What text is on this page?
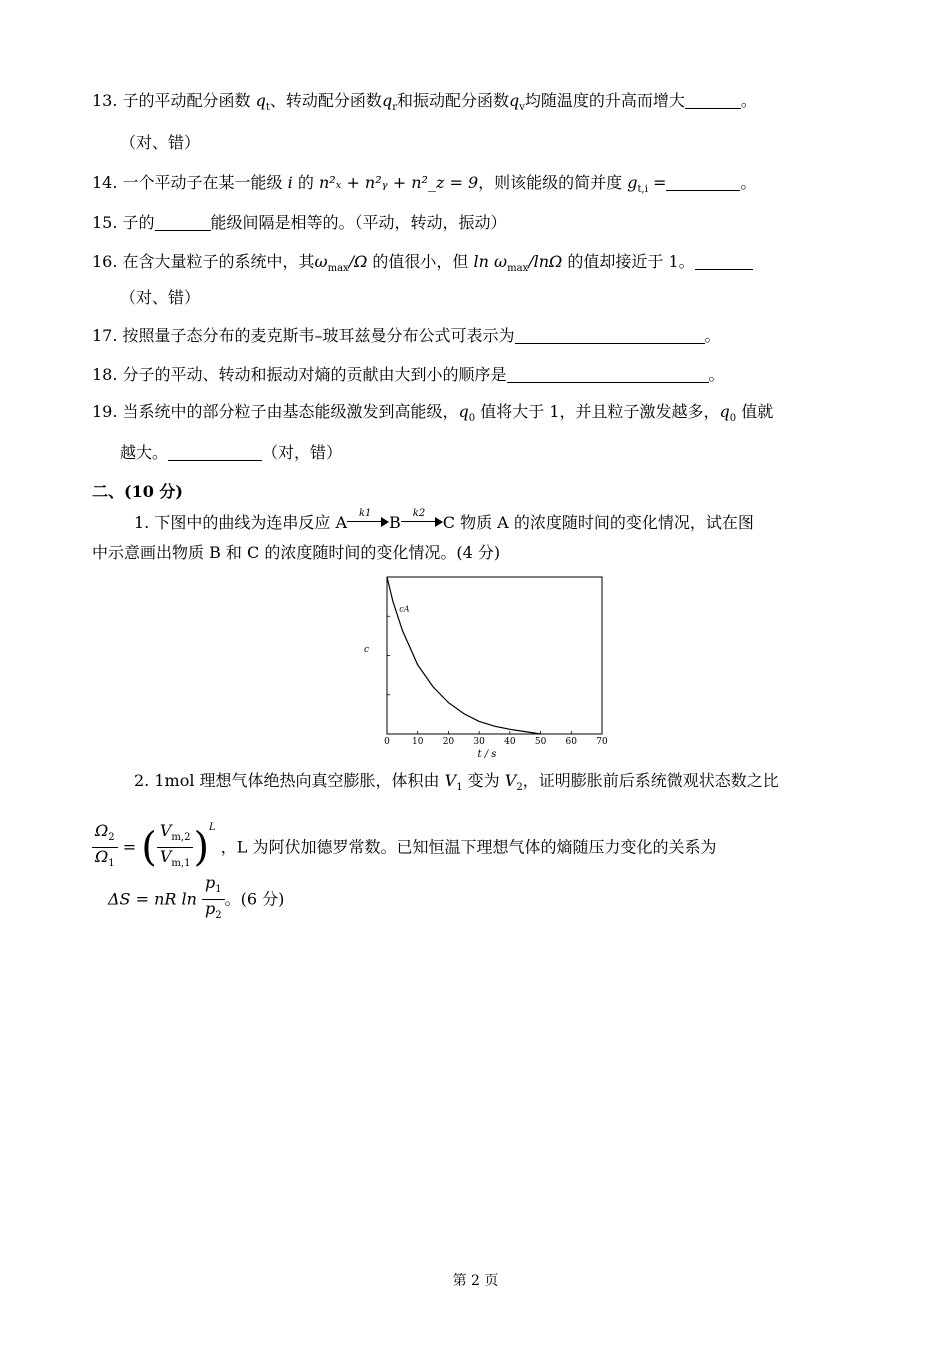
13. 子的平动配分函数 $q_t$、转动配分函数$q_r$和振动配分函数$q_v$均随温度的升高而增大	。
（对、错）
14. 一个平动子在某一能级 i 的 n²ₓ + n²ᵧ + n²_z = 9，则该能级的简并度 $g_{t,i}$ =	。
15. 子的	能级间隔是相等的。（平动，转动，振动）
16. 在含大量粒子的系统中，其$\omega_{max}/\Omega$ 的值很小，但 $\ln \omega_{max}$/lnΩ 的值却接近于 1。
（对、错）
17. 按照量子态分布的麦克斯韦–玻耳兹曼分布公式可表示为	。
18. 分子的平动、转动和振动对熵的贡献由大到小的顺序是	。
19. 当系统中的部分粒子由基态能级激发到高能级，$q_0$ 值将大于 1，并且粒子激发越多，$q_0$ 值就
越大。	（对，错）
二、(10 分)
1. 下图中的曲线为连串反应 A k1 B k2 C 物质 A 的浓度随时间的变化情况，试在图
中示意画出物质 B 和 C 的浓度随时间的变化情况。(4 分)
0 10 20 30 40 50 60 70
cA
c
t / s
2. 1mol 理想气体绝热向真空膨胀，体积由 $V_1$ 变为 $V_2$，证明膨胀前后系统微观状态数之比
$\frac{\Omega_2}{\Omega_1}$ = ( $\frac{V_{m,2}}{V_{m,1}} )^L$ ，L 为阿伏加德罗常数。已知恒温下理想气体的熵随压力变化的关系为
ΔS = nR $\ln \frac{p_1}{p_2}$ 。(6 分)
第 2 页
